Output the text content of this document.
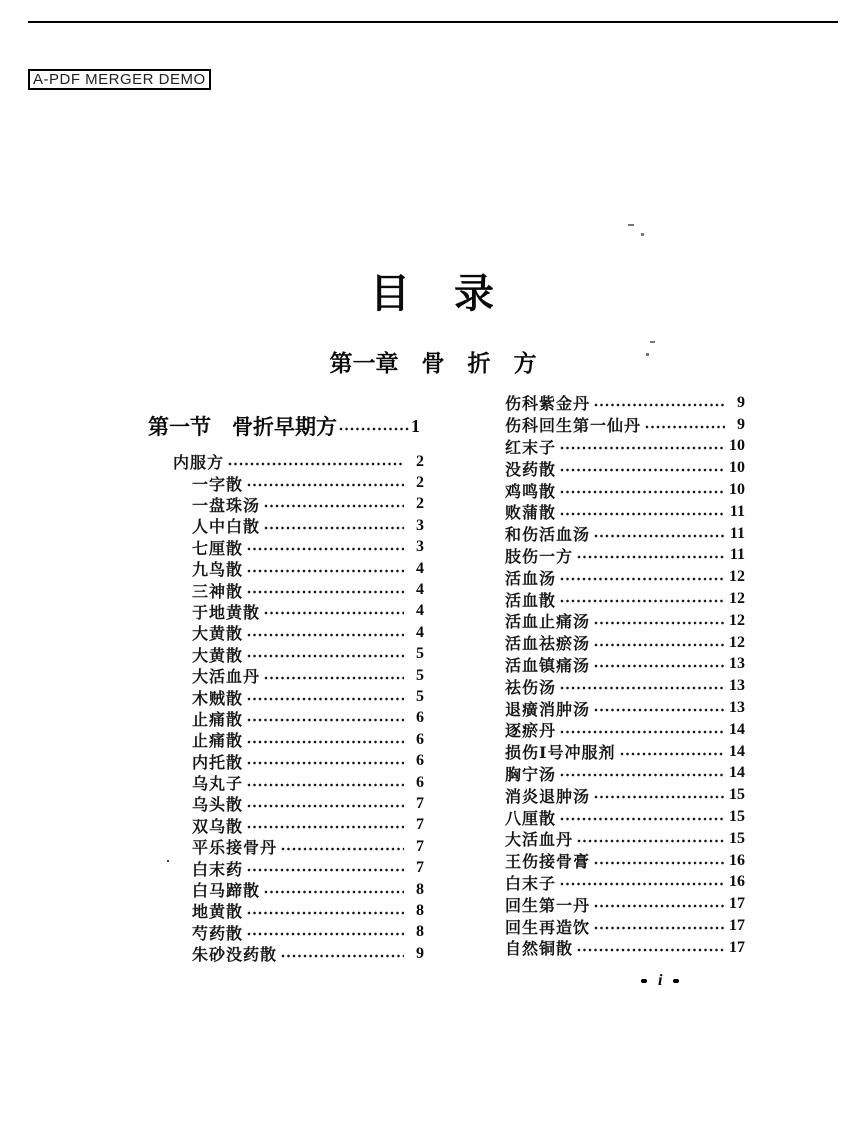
A-PDF MERGER DEMO
目　录
第一章　骨　折　方
第一节　骨折早期方	1
内服方	2
一字散	2
一盘珠汤	2
人中白散	3
七厘散	3
九鸟散	4
三神散	4
于地黄散	4
大黄散	4
大黄散	5
大活血丹	5
木贼散	5
止痛散	6
止痛散	6
内托散	6
乌丸子	6
乌头散	7
双乌散	7
平乐接骨丹	7
白末药	7
白马蹄散	8
地黄散	8
芍药散	8
朱砂没药散	9
伤科紫金丹	9
伤科回生第一仙丹	9
红末子	10
没药散	10
鸡鸣散	10
败蒲散	11
和伤活血汤	11
肢伤一方	11
活血汤	12
活血散	12
活血止痛汤	12
活血祛瘀汤	12
活血镇痛汤	13
祛伤汤	13
退癀消肿汤	13
逐瘀丹	14
损伤Ⅰ号冲服剂	14
胸宁汤	14
消炎退肿汤	15
八厘散	15
大活血丹	15
王伤接骨膏	16
白末子	16
回生第一丹	17
回生再造饮	17
自然铜散	17
i
